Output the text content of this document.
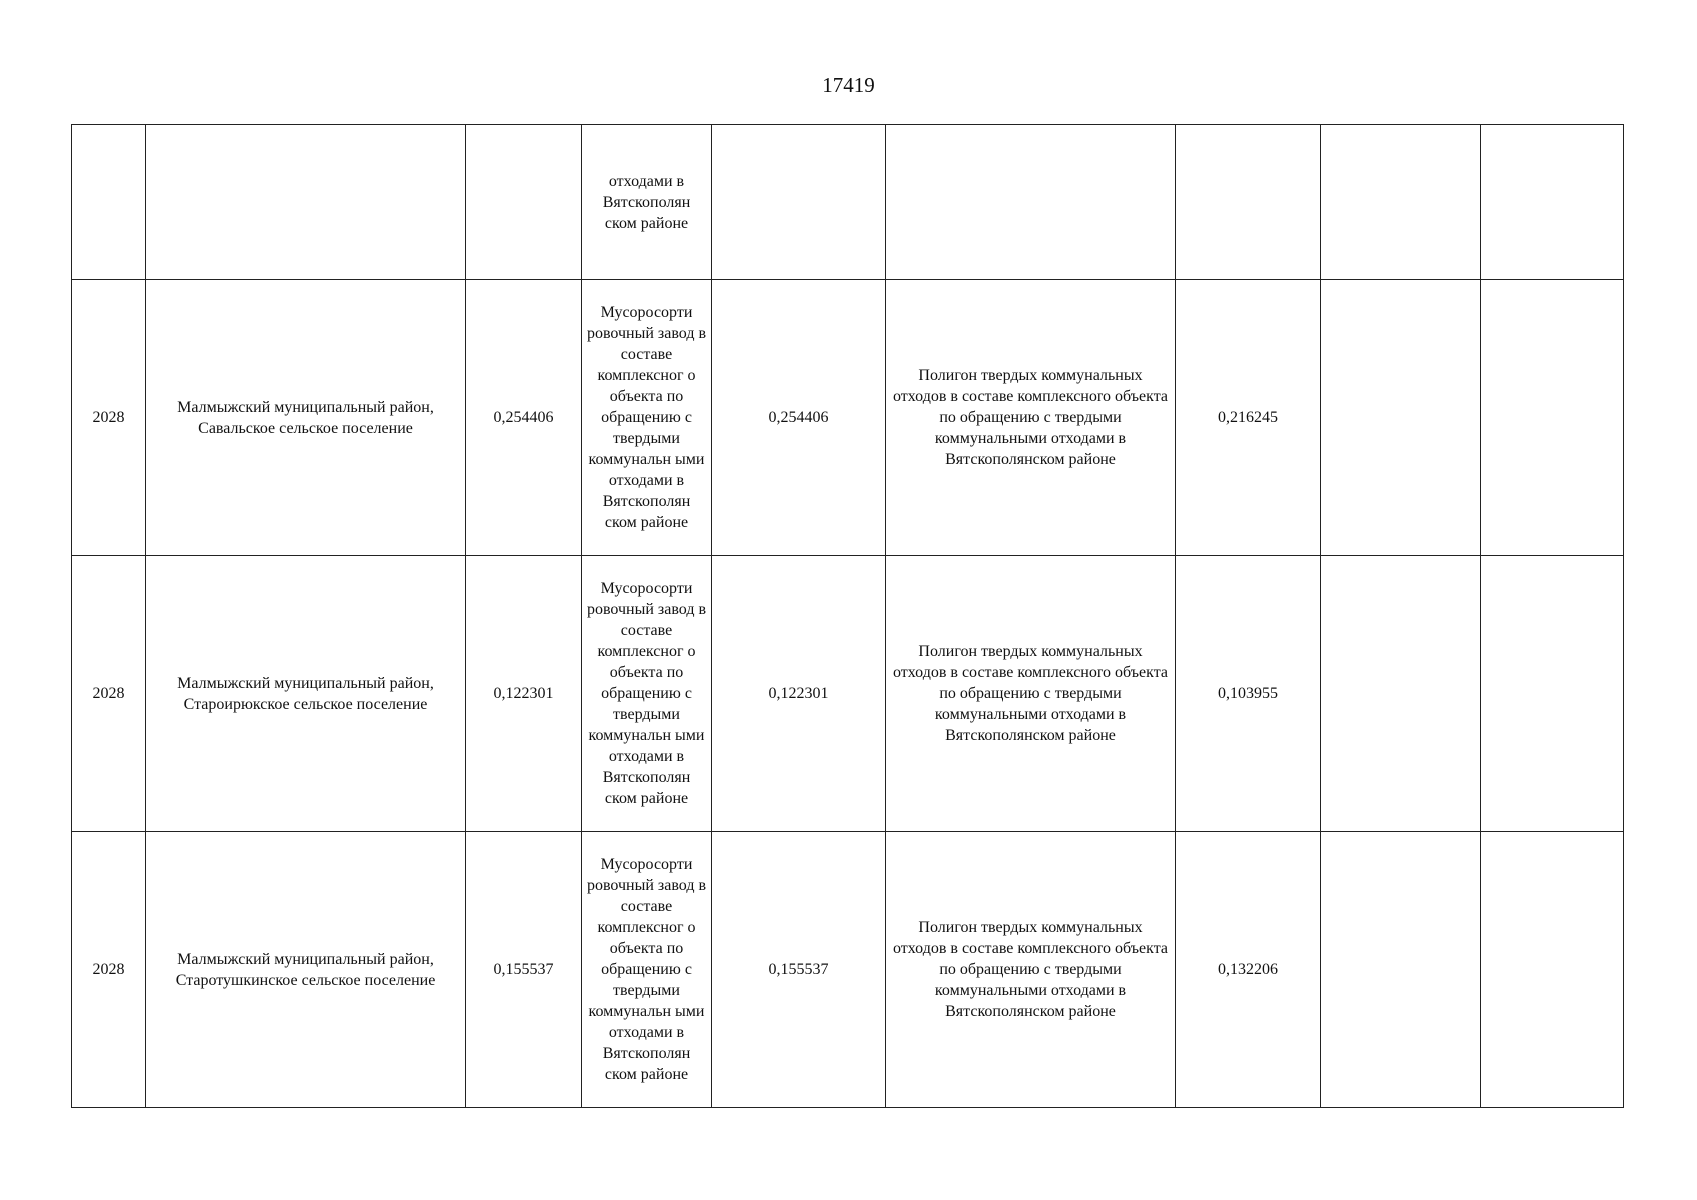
17419

			отходами в Вятскополян ском районе					

2028	Малмыжский муниципальный район, Савальское сельское поселение	0,254406	Мусоросорти ровочный завод в составе комплексног о объекта по обращению с твердыми коммунальн ыми отходами в Вятскополян ском районе	0,254406	Полигон твердых коммунальных отходов в составе комплексного объекта по обращению с твердыми коммунальными отходами в Вятскополянском районе	0,216245		
2028	Малмыжский муниципальный район, Староирюкское сельское поселение	0,122301	Мусоросорти ровочный завод в составе комплексног о объекта по обращению с твердыми коммунальн ыми отходами в Вятскополян ском районе	0,122301	Полигон твердых коммунальных отходов в составе комплексного объекта по обращению с твердыми коммунальными отходами в Вятскополянском районе	0,103955		
2028	Малмыжский муниципальный район, Старотушкинское сельское поселение	0,155537	Мусоросорти ровочный завод в составе комплексног о объекта по обращению с твердыми коммунальн ыми отходами в Вятскополян ском районе	0,155537	Полигон твердых коммунальных отходов в составе комплексного объекта по обращению с твердыми коммунальными отходами в Вятскополянском районе	0,132206		
